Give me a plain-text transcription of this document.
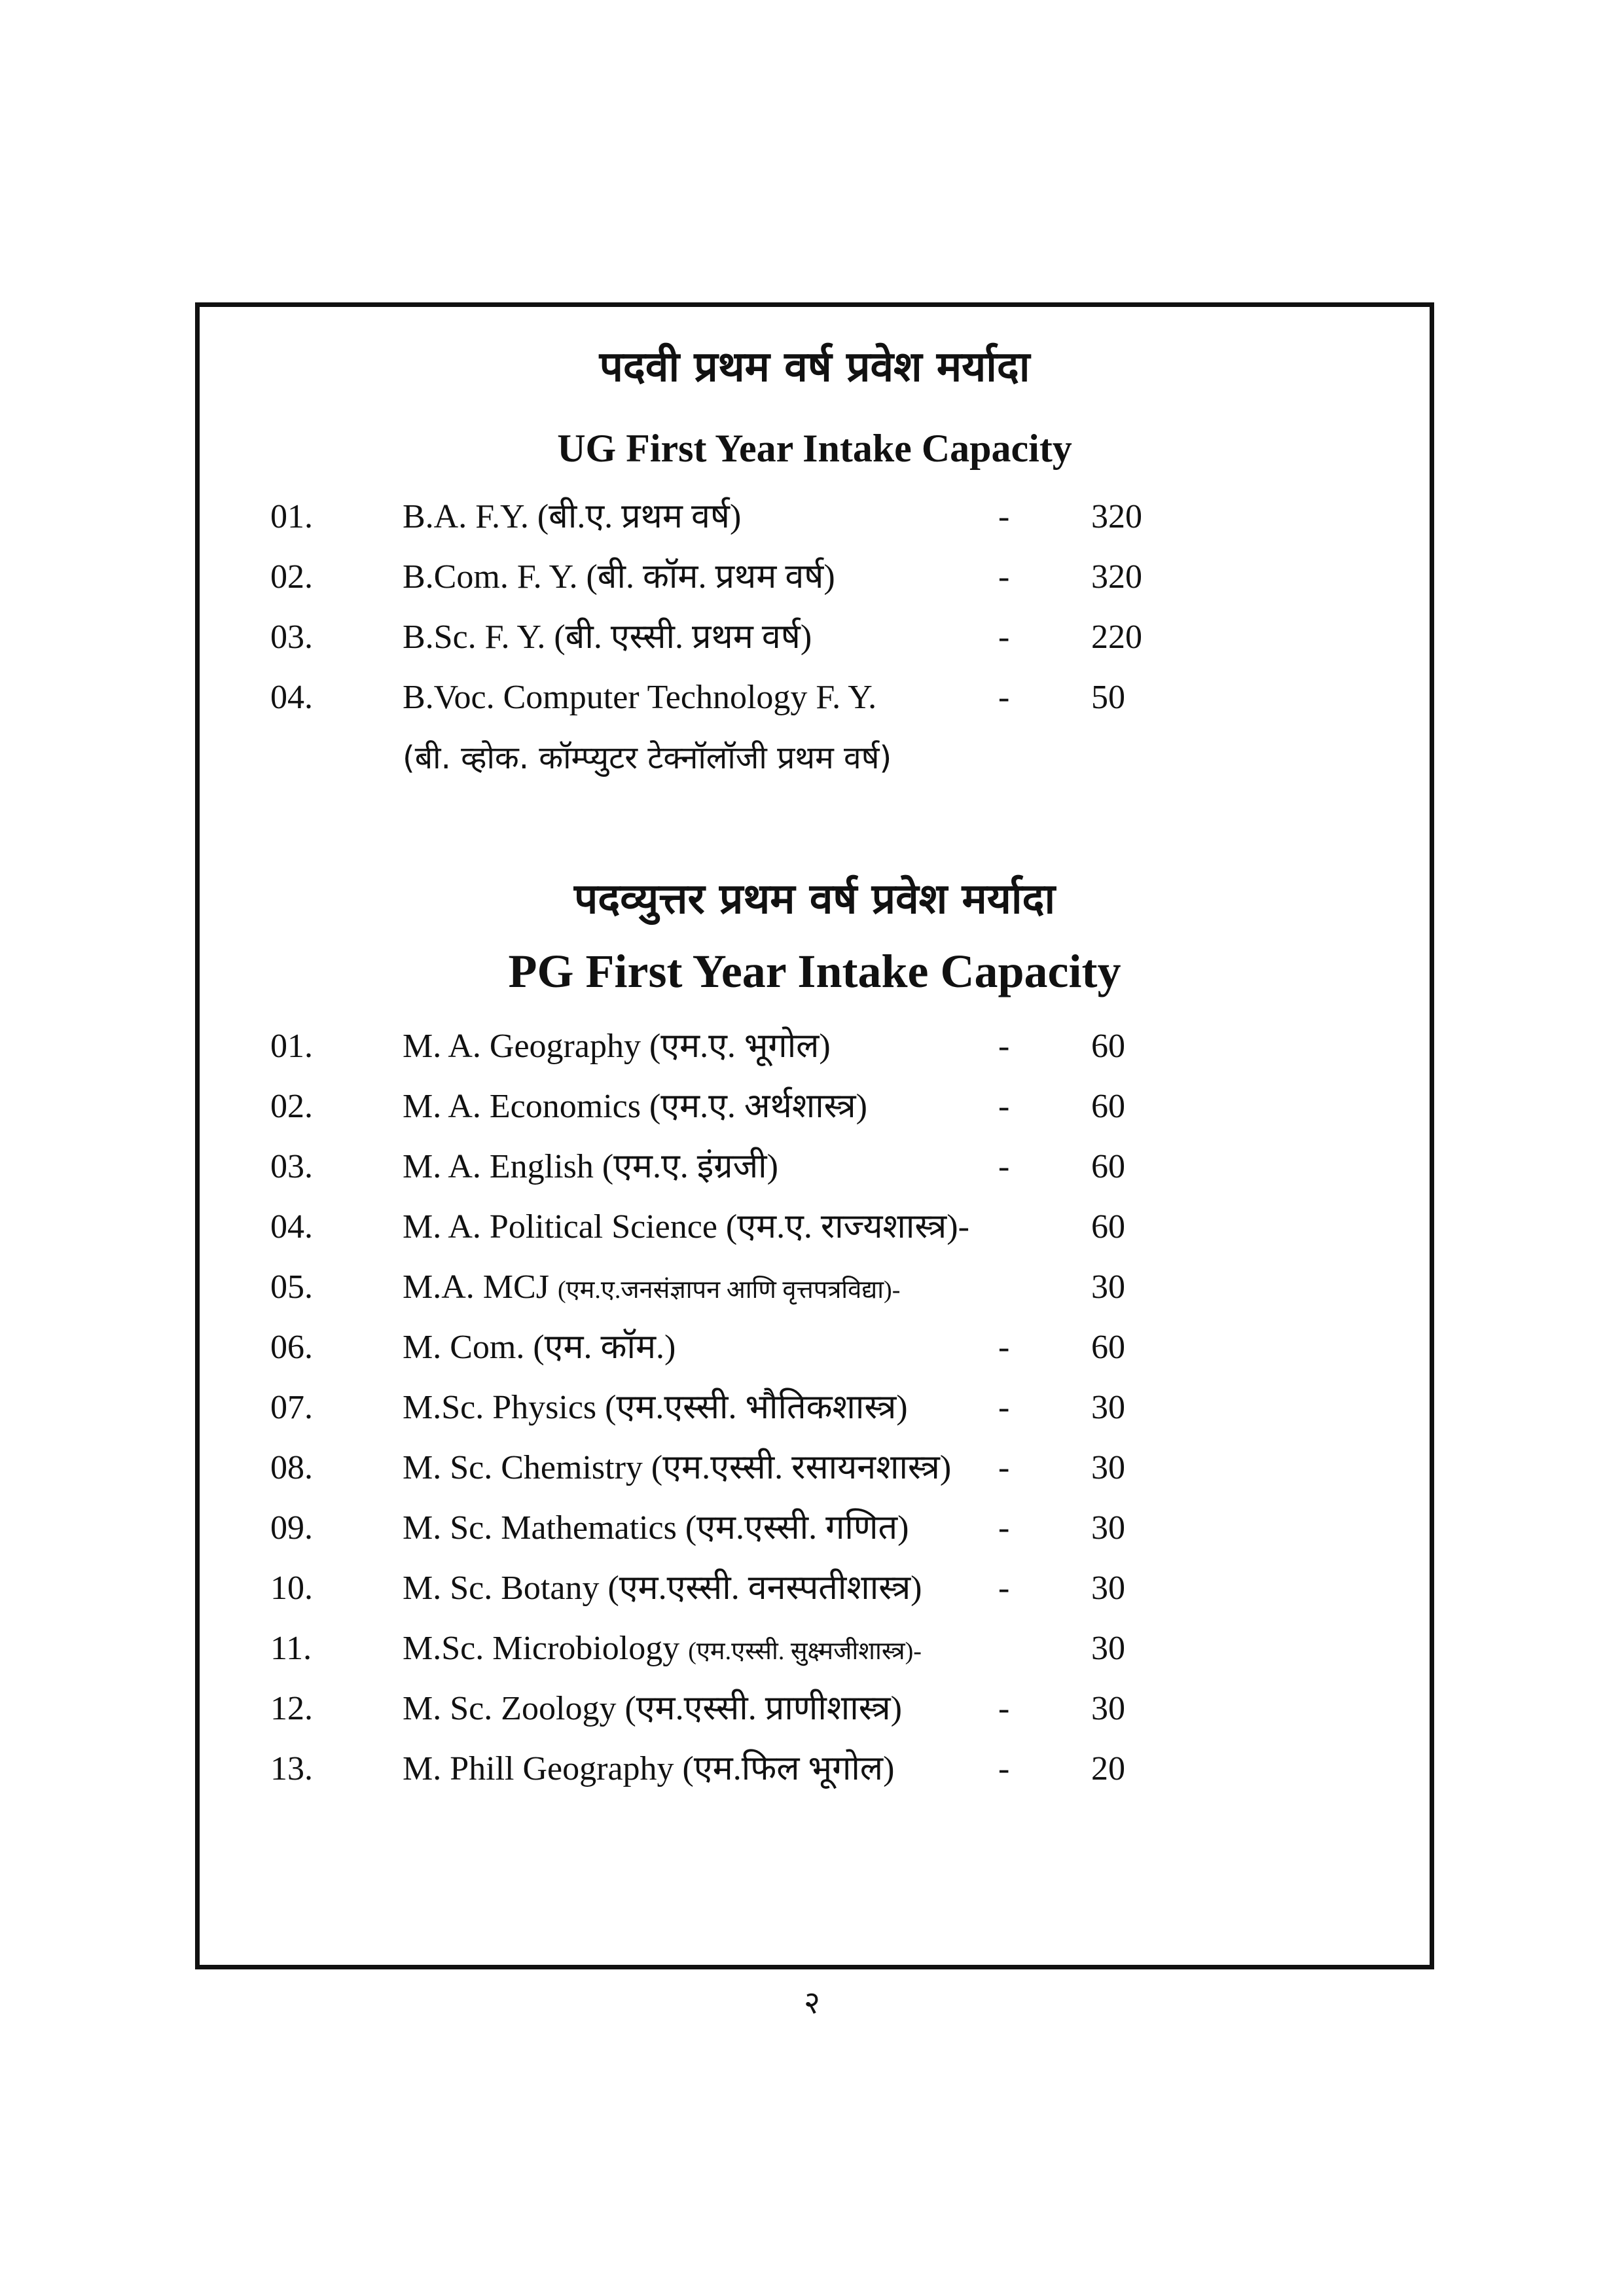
पदवी प्रथम वर्ष प्रवेश मर्यादा
UG First Year Intake Capacity
01.	B.A. F.Y. (बी.ए. प्रथम वर्ष)	- 320
02.	B.Com. F. Y. (बी. कॉम. प्रथम वर्ष)	- 320
03.	B.Sc. F. Y. (बी. एस्सी. प्रथम वर्ष)	- 220
04.	B.Voc. Computer Technology F. Y.	- 50
(बी. व्होक. कॉम्प्युटर टेक्नॉलॉजी प्रथम वर्ष)
पदव्युत्तर प्रथम वर्ष प्रवेश मर्यादा
PG First Year Intake Capacity
01.	M. A. Geography (एम.ए. भूगोल)	- 60
02.	M. A. Economics (एम.ए. अर्थशास्त्र)	- 60
03.	M. A. English (एम.ए. इंग्रजी)	- 60
04.	M. A. Political Science (एम.ए. राज्यशास्त्र)-	60
05.	M.A. MCJ (एम.ए.जनसंज्ञापन आणि वृत्तपत्रविद्या)-	30
06.	M. Com. (एम. कॉम.)	- 60
07.	M.Sc. Physics (एम.एस्सी. भौतिकशास्त्र)	- 30
08.	M. Sc. Chemistry (एम.एस्सी. रसायनशास्त्र) - 30
09.	M. Sc. Mathematics (एम.एस्सी. गणित)	- 30
10.	M. Sc. Botany (एम.एस्सी. वनस्पतीशास्त्र) - 30
11.	M.Sc. Microbiology (एम.एस्सी. सुक्ष्मजीशास्त्र)-	30
12.	M. Sc. Zoology (एम.एस्सी. प्राणीशास्त्र)	- 30
13.	M. Phill Geography (एम.फिल भूगोल)	- 20
२
